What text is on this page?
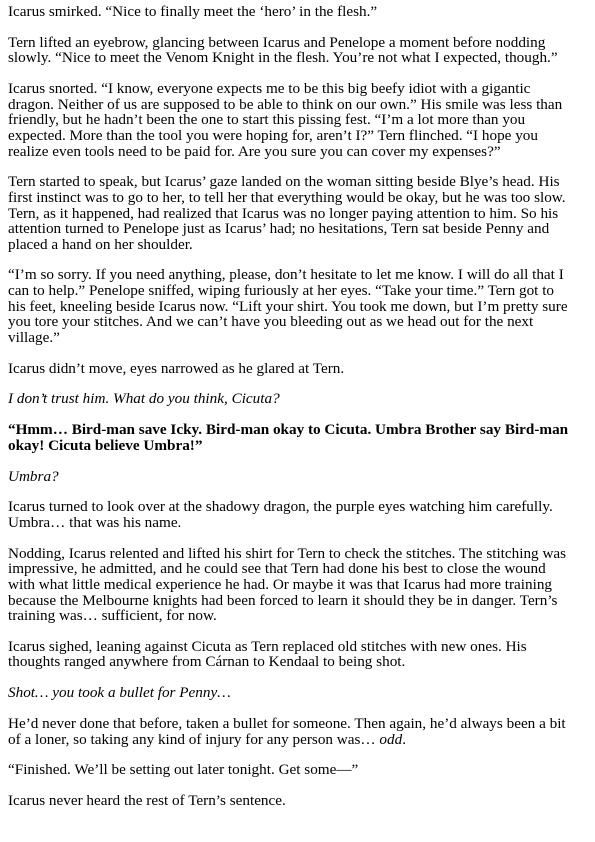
Icarus smirked. “Nice to finally meet the ‘hero’ in the flesh.”

Tern lifted an eyebrow, glancing between Icarus and Penelope a moment before nodding slowly. “Nice to meet the Venom Knight in the flesh. You’re not what I expected, though.”

Icarus snorted. “I know, everyone expects me to be this big beefy idiot with a gigantic dragon. Neither of us are supposed to be able to think on our own.” His smile was less than friendly, but he hadn’t been the one to start this pissing fest. “I’m a lot more than you expected. More than the tool you were hoping for, aren’t I?” Tern flinched. “I hope you realize even tools need to be paid for. Are you sure you can cover my expenses?”

Tern started to speak, but Icarus’ gaze landed on the woman sitting beside Blye’s head. His first instinct was to go to her, to tell her that everything would be okay, but he was too slow. Tern, as it happened, had realized that Icarus was no longer paying attention to him. So his attention turned to Penelope just as Icarus’ had; no hesitations, Tern sat beside Penny and placed a hand on her shoulder.

“I’m so sorry. If you need anything, please, don’t hesitate to let me know. I will do all that I can to help.” Penelope sniffed, wiping furiously at her eyes. “Take your time.” Tern got to his feet, kneeling beside Icarus now. “Lift your shirt. You took me down, but I’m pretty sure you tore your stitches. And we can’t have you bleeding out as we head out for the next village.”

Icarus didn’t move, eyes narrowed as he glared at Tern.

I don’t trust him. What do you think, Cicuta?

“Hmm… Bird-man save Icky. Bird-man okay to Cicuta. Umbra Brother say Bird-man okay! Cicuta believe Umbra!”

Umbra?

Icarus turned to look over at the shadowy dragon, the purple eyes watching him carefully. Umbra… that was his name.

Nodding, Icarus relented and lifted his shirt for Tern to check the stitches. The stitching was impressive, he admitted, and he could see that Tern had done his best to close the wound with what little medical experience he had. Or maybe it was that Icarus had more training because the Melbourne knights had been forced to learn it should they be in danger. Tern’s training was… sufficient, for now.

Icarus sighed, leaning against Cicuta as Tern replaced old stitches with new ones. His thoughts ranged anywhere from Cárnan to Kendaal to being shot.

Shot… you took a bullet for Penny…

He’d never done that before, taken a bullet for someone. Then again, he’d always been a bit of a loner, so taking any kind of injury for any person was… odd.

“Finished. We’ll be setting out later tonight. Get some—”

Icarus never heard the rest of Tern’s sentence.
